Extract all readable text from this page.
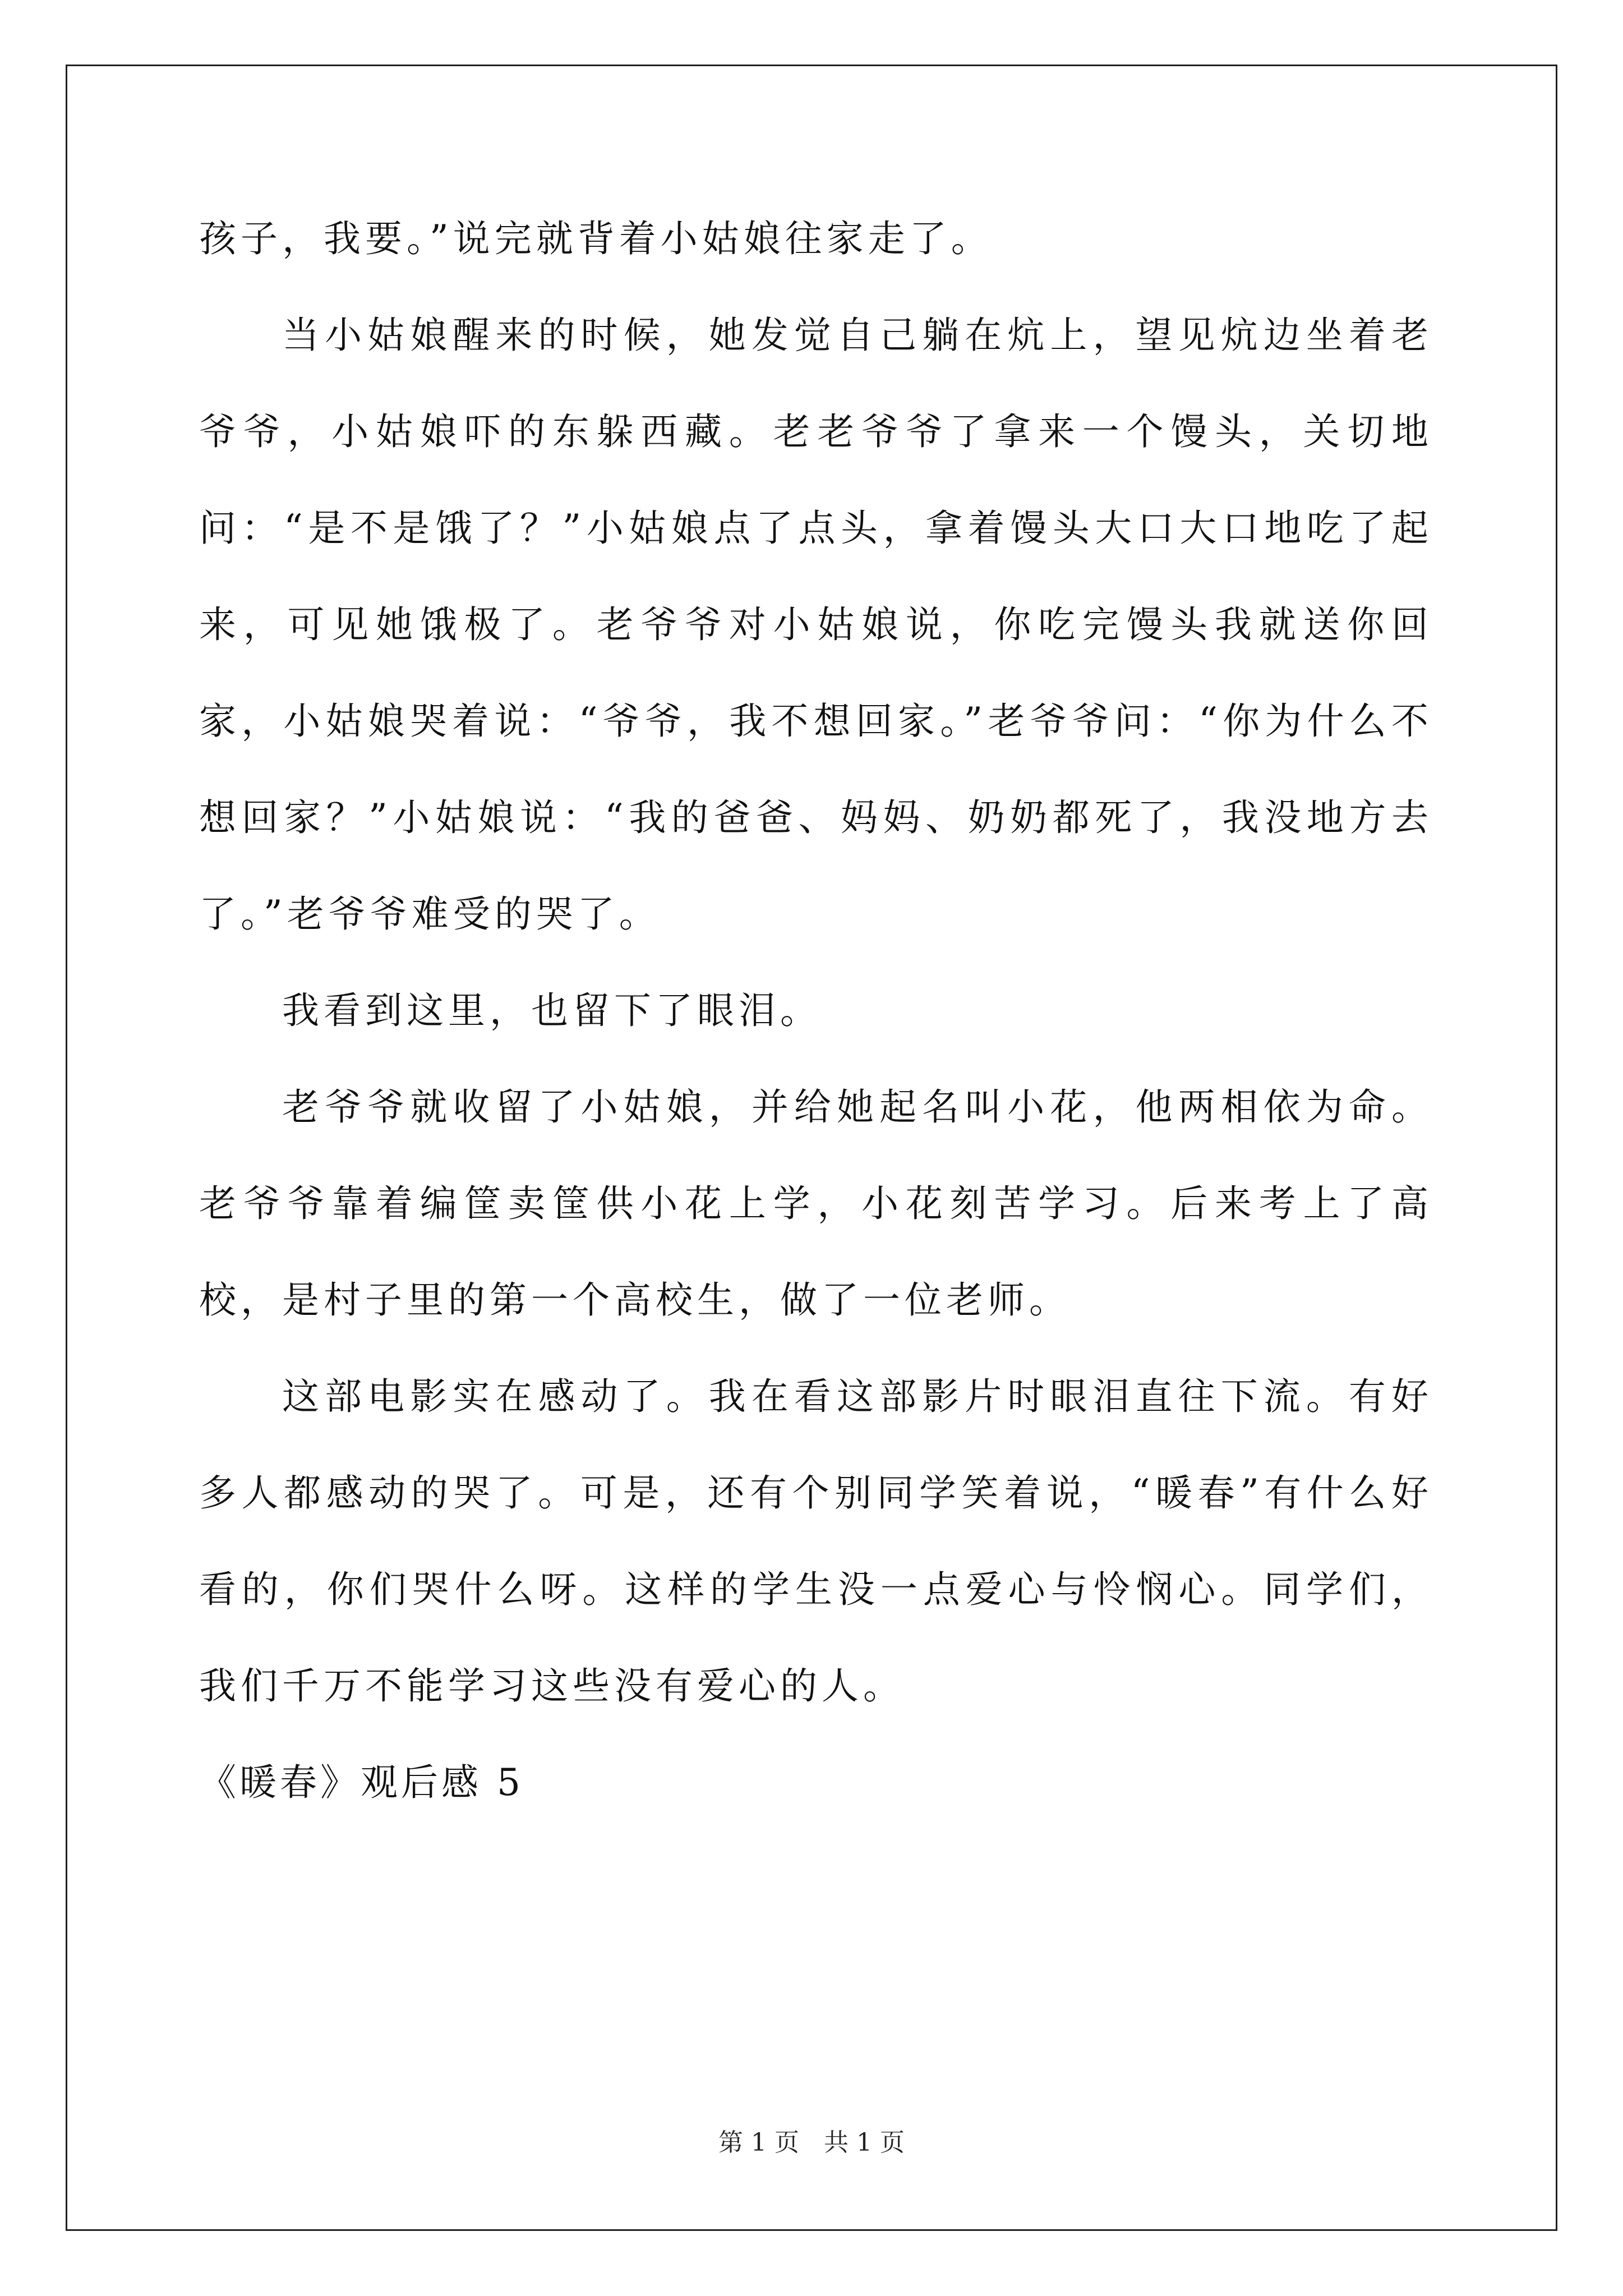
孩子，我要。”说完就背着小姑娘往家走了。

当小姑娘醒来的时候，她发觉自己躺在炕上，望见炕边坐着老爷爷，小姑娘吓的东躲西藏。老老爷爷了拿来一个馒头，关切地问：“是不是饿了？”小姑娘点了点头，拿着馒头大口大口地吃了起来，可见她饿极了。老爷爷对小姑娘说，你吃完馒头我就送你回家，小姑娘哭着说：“爷爷，我不想回家。”老爷爷问：“你为什么不想回家？”小姑娘说：“我的爸爸、妈妈、奶奶都死了，我没地方去了。”老爷爷难受的哭了。

我看到这里，也留下了眼泪。

老爷爷就收留了小姑娘，并给她起名叫小花，他两相依为命。老爷爷靠着编筐卖筐供小花上学，小花刻苦学习。后来考上了高校，是村子里的第一个高校生，做了一位老师。

这部电影实在感动了。我在看这部影片时眼泪直往下流。有好多人都感动的哭了。可是，还有个别同学笑着说，“暖春”有什么好看的，你们哭什么呀。这样的学生没一点爱心与怜悯心。同学们，我们千万不能学习这些没有爱心的人。

《暖春》观后感 5

第 1 页　共 1 页
